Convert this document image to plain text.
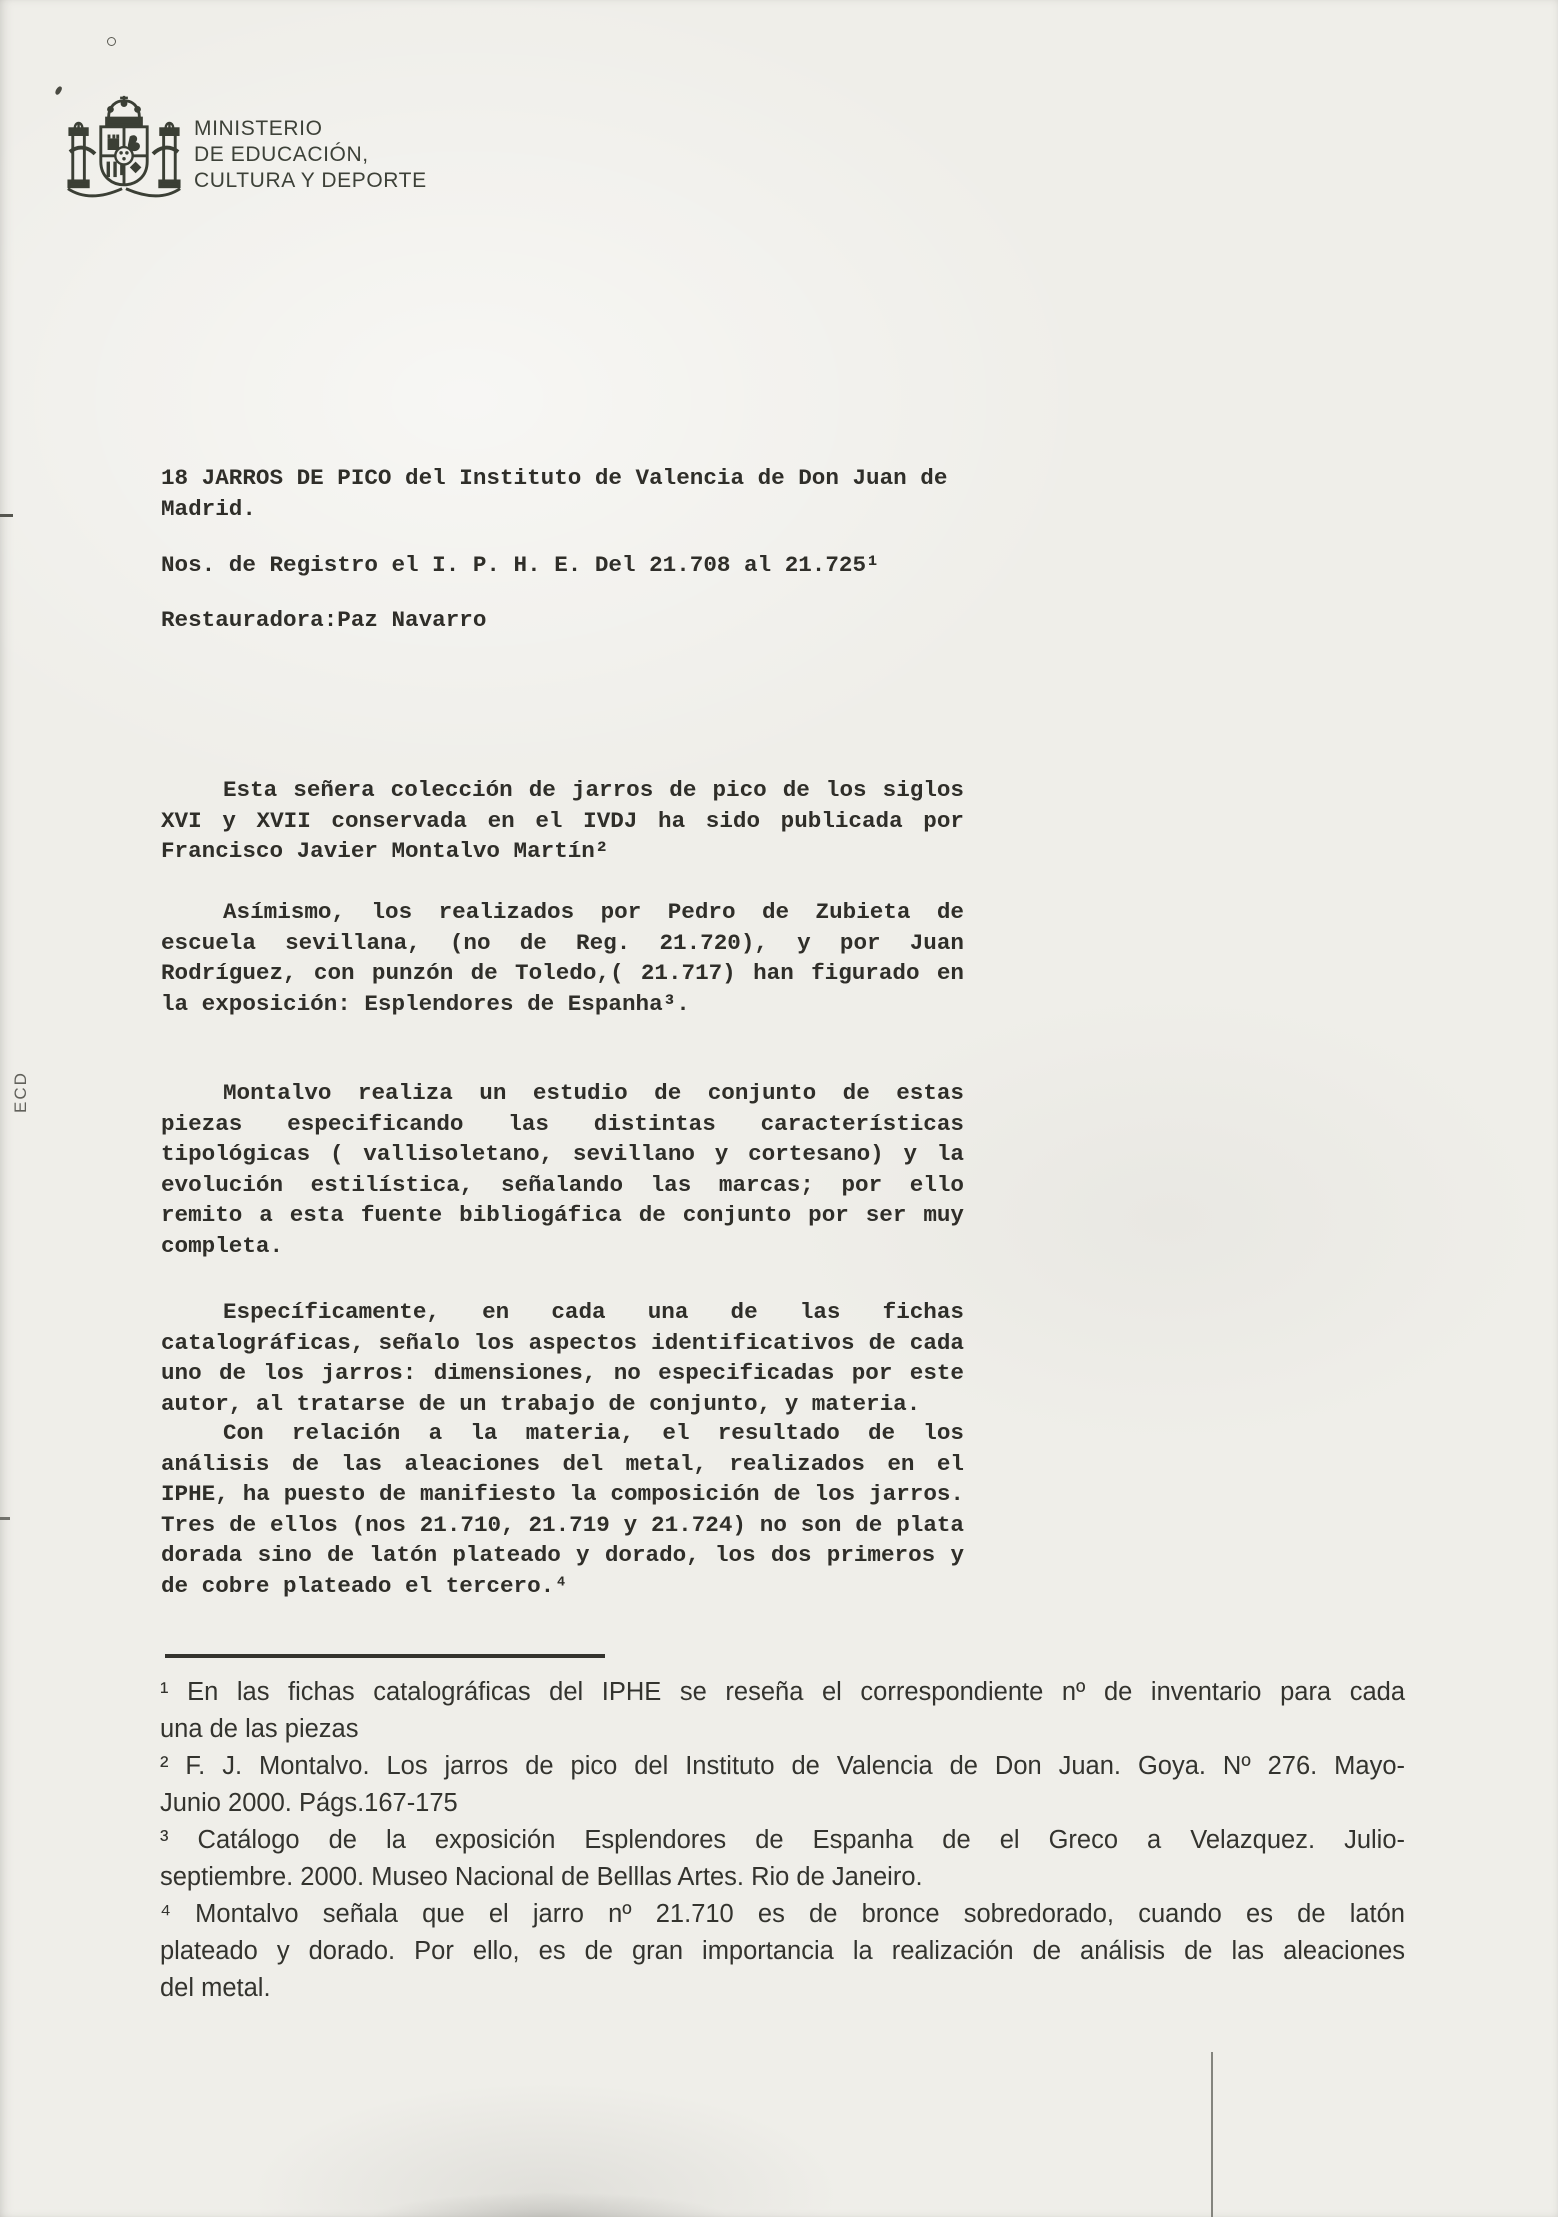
MINISTERIO
DE EDUCACIÓN,
CULTURA Y DEPORTE
ECD
18 JARROS DE PICO del Instituto de Valencia de Don Juan de
Madrid.
Nos. de Registro el I. P. H. E. Del 21.708 al 21.725¹
Restauradora:Paz Navarro
Esta señera colección de jarros de pico de los siglos
XVI y XVII conservada en el IVDJ ha sido publicada por
Francisco Javier Montalvo Martín²
Asímismo, los realizados por Pedro de Zubieta de
escuela sevillana, (no de Reg. 21.720), y por Juan
Rodríguez, con punzón de Toledo,( 21.717) han figurado en
la exposición: Esplendores de Espanha³.
Montalvo realiza un estudio de conjunto de estas
piezas especificando las distintas características
tipológicas ( vallisoletano, sevillano y cortesano) y la
evolución estilística, señalando las marcas; por ello
remito a esta fuente bibliogáfica de conjunto por ser muy
completa.
Específicamente, en cada una de las fichas
catalográficas, señalo los aspectos identificativos de cada
uno de los jarros: dimensiones, no especificadas por este
autor, al tratarse de un trabajo de conjunto, y materia.
Con relación a la materia, el resultado de los
análisis de las aleaciones del metal, realizados en el
IPHE, ha puesto de manifiesto la composición de los jarros.
Tres de ellos (nos 21.710, 21.719 y 21.724) no son de plata
dorada sino de latón plateado y dorado, los dos primeros y
de cobre plateado el tercero.⁴
¹ En las fichas catalográficas del IPHE se reseña el correspondiente nº de inventario para cada
una de las piezas
² F. J. Montalvo. Los jarros de pico del Instituto de Valencia de Don Juan. Goya. Nº 276. Mayo-
Junio 2000. Págs.167-175
³ Catálogo de la exposición Esplendores de Espanha de el Greco a Velazquez. Julio-
septiembre. 2000. Museo Nacional de Belllas Artes. Rio de Janeiro.
⁴ Montalvo señala que el jarro nº 21.710 es de bronce sobredorado, cuando es de latón
plateado y dorado. Por ello, es de gran importancia la realización de análisis de las aleaciones
del metal.
